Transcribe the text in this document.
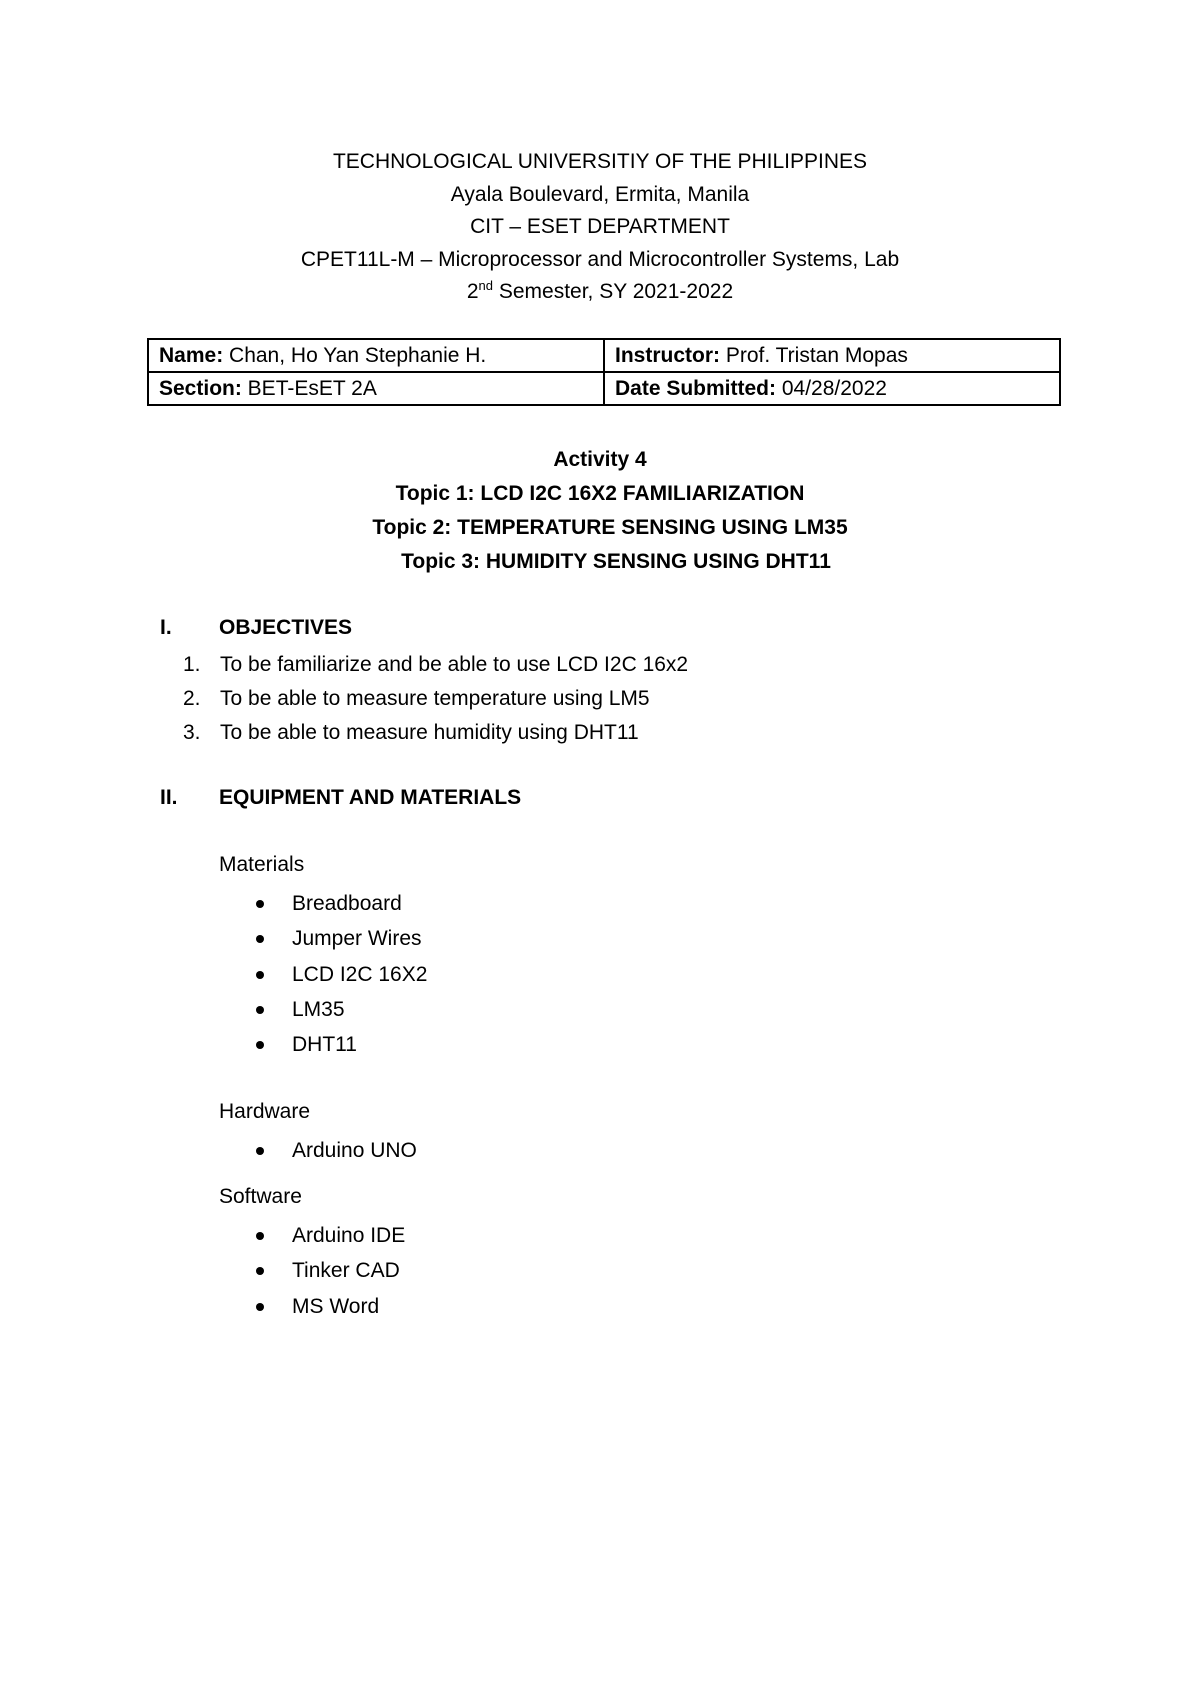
TECHNOLOGICAL UNIVERSITIY OF THE PHILIPPINES
Ayala Boulevard, Ermita, Manila
CIT – ESET DEPARTMENT
CPET11L-M – Microprocessor and Microcontroller Systems, Lab
2nd Semester, SY 2021-2022
Name: Chan, Ho Yan Stephanie H.	Instructor: Prof. Tristan Mopas
Section: BET-EsET 2A	Date Submitted: 04/28/2022
Activity 4
Topic 1: LCD I2C 16X2 FAMILIARIZATION
Topic 2: TEMPERATURE SENSING USING LM35
Topic 3: HUMIDITY SENSING USING DHT11
I. OBJECTIVES
1. To be familiarize and be able to use LCD I2C 16x2
2. To be able to measure temperature using LM5
3. To be able to measure humidity using DHT11
II. EQUIPMENT AND MATERIALS
Materials
Breadboard
Jumper Wires
LCD I2C 16X2
LM35
DHT11
Hardware
Arduino UNO
Software
Arduino IDE
Tinker CAD
MS Word
